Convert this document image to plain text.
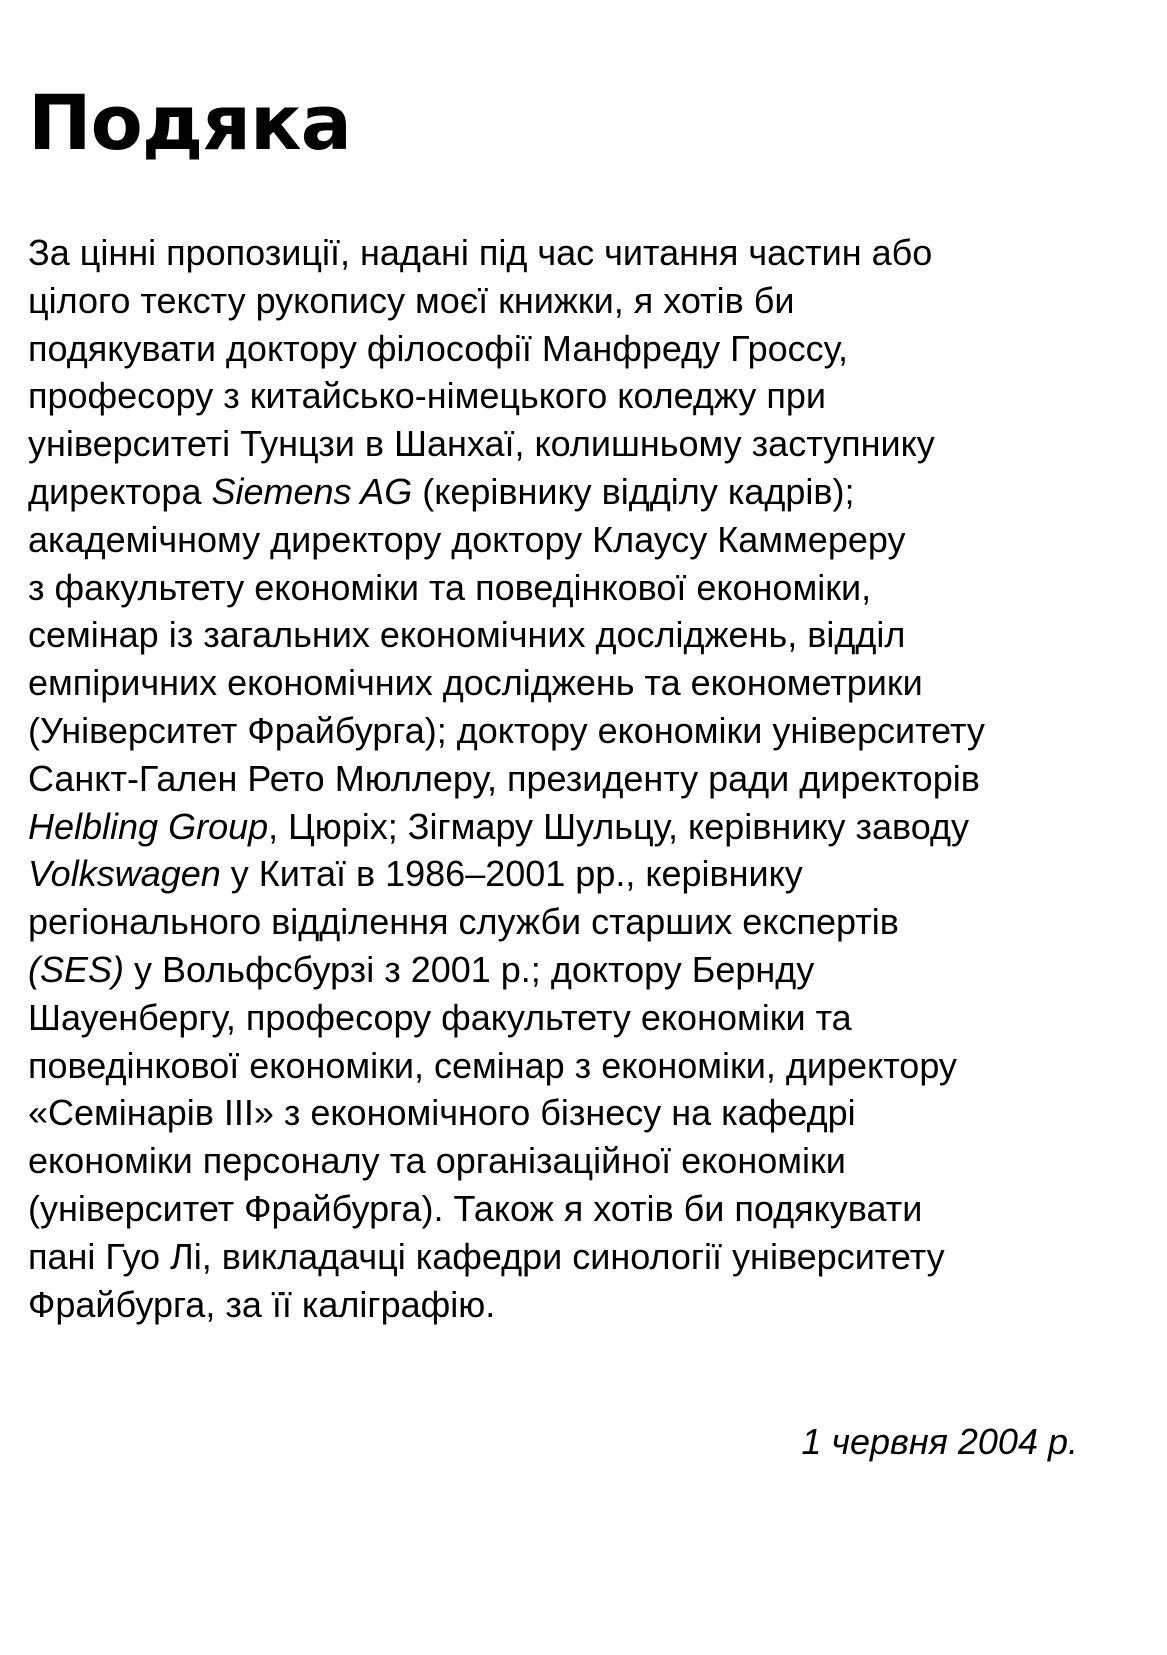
Подяка
За цінні пропозиції, надані під час читання частин або
цілого тексту рукопису моєї книжки, я хотів би
подякувати доктору філософії Манфреду Гроссу,
професору з китайсько-німецького коледжу при
університеті Тунцзи в Шанхаї, колишньому заступнику
директора Siemens AG (керівнику відділу кадрів);
академічному директору доктору Клаусу Каммереру
з факультету економіки та поведінкової економіки,
семінар із загальних економічних досліджень, відділ
емпіричних економічних досліджень та економетрики
(Університет Фрайбурга); доктору економіки університету
Санкт-Гален Рето Мюллеру, президенту ради директорів
Helbling Group, Цюріх; Зігмару Шульцу, керівнику заводу
Volkswagen у Китаї в 1986–2001 рр., керівнику
регіонального відділення служби старших експертів
(SES) у Вольфсбурзі з 2001 р.; доктору Бернду
Шауенбергу, професору факультету економіки та
поведінкової економіки, семінар з економіки, директору
«Семінарів III» з економічного бізнесу на кафедрі
економіки персоналу та організаційної економіки
(університет Фрайбурга). Також я хотів би подякувати
пані Гуо Лі, викладачці кафедри синології університету
Фрайбурга, за її каліграфію.

1 червня 2004 р.
